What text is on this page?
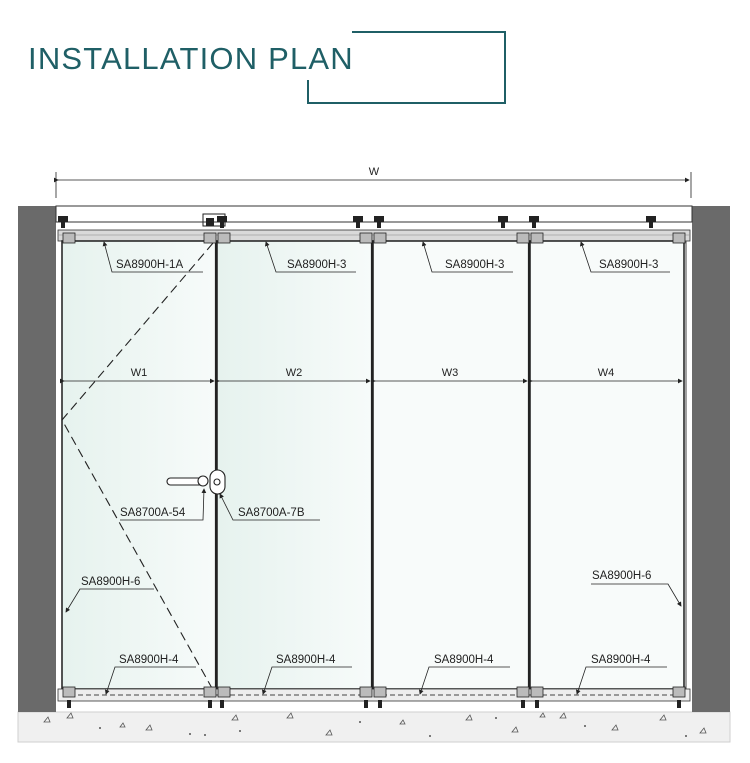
INSTALLATION PLAN
W
W1	W2	W3	W4
SA8900H-1A	SA8900H-3	SA8900H-3	SA8900H-3
SA8700A-54	SA8700A-7B
SA8900H-6	SA8900H-6
SA8900H-4	SA8900H-4	SA8900H-4	SA8900H-4
